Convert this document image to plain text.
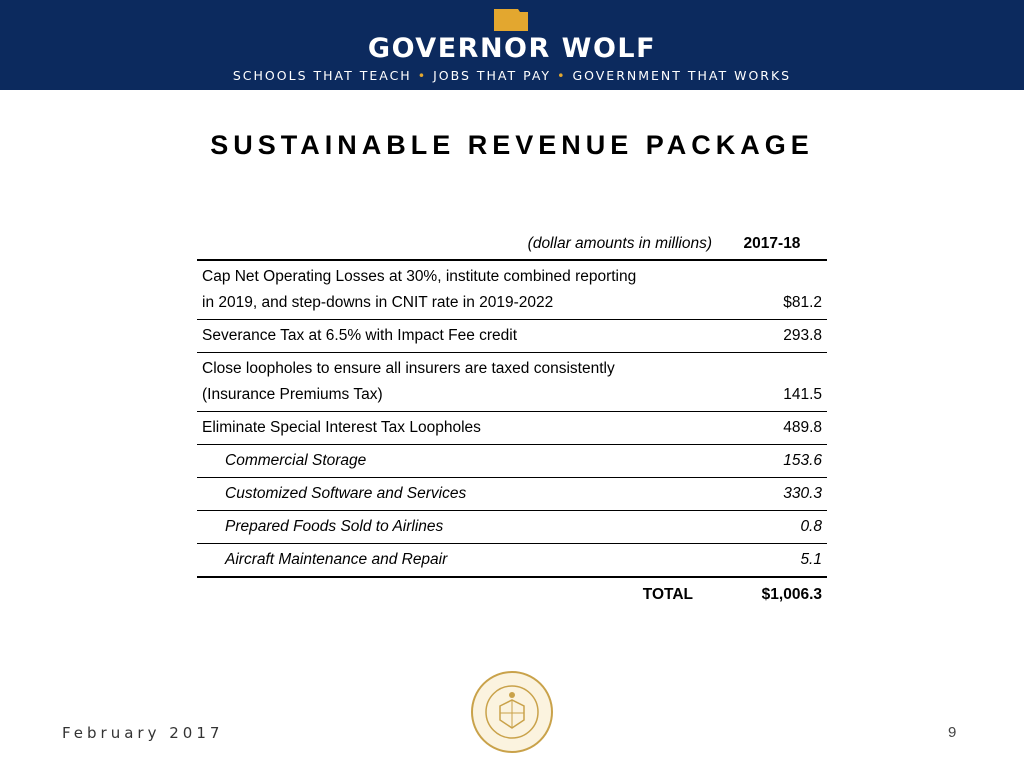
GOVERNOR WOLF
SCHOOLS THAT TEACH • JOBS THAT PAY • GOVERNMENT THAT WORKS
SUSTAINABLE REVENUE PACKAGE
(dollar amounts in millions)	2017-18

Cap Net Operating Losses at 30%, institute combined reporting
in 2019, and step-downs in CNIT rate in 2019-2022	$81.2
Severance Tax at 6.5% with Impact Fee credit	293.8

Close loopholes to ensure all insurers are taxed consistently
(Insurance Premiums Tax)	141.5
Eliminate Special Interest Tax Loopholes	489.8
Commercial Storage	153.6
Customized Software and Services	330.3
Prepared Foods Sold to Airlines	0.8
Aircraft Maintenance and Repair	5.1
TOTAL	$1,006.3
February 2017	9
